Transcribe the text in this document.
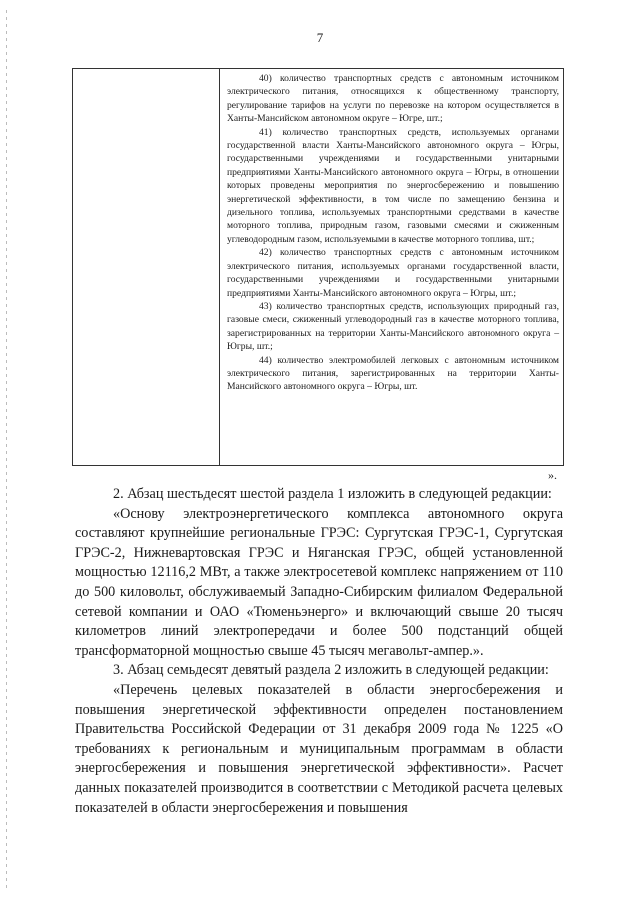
7

40) количество транспортных средств с автономным источником электрического питания, относящихся к общественному транспорту, регулирование тарифов на услуги по перевозке на котором осуществляется в Ханты-Мансийском автономном округе – Югре, шт.;

41) количество транспортных средств, используемых органами государственной власти Ханты-Мансийского автономного округа – Югры, государственными учреждениями и государственными унитарными предприятиями Ханты-Мансийского автономного округа – Югры, в отношении которых проведены мероприятия по энергосбережению и повышению энергетической эффективности, в том числе по замещению бензина и дизельного топлива, используемых транспортными средствами в качестве моторного топлива, природным газом, газовыми смесями и сжиженным углеводородным газом, используемыми в качестве моторного топлива, шт.;

42) количество транспортных средств с автономным источником электрического питания, используемых органами государственной власти, государственными учреждениями и государственными унитарными предприятиями Ханты-Мансийского автономного округа – Югры, шт.;

43) количество транспортных средств, использующих природный газ, газовые смеси, сжиженный углеводородный газ в качестве моторного топлива, зарегистрированных на территории Ханты-Мансийского автономного округа – Югры, шт.;

44) количество электромобилей легковых с автономным источником электрического питания, зарегистрированных на территории Ханты-Мансийского автономного округа – Югры, шт.

».

2. Абзац шестьдесят шестой раздела 1 изложить в следующей редакции:

«Основу электроэнергетического комплекса автономного округа составляют крупнейшие региональные ГРЭС: Сургутская ГРЭС-1, Сургутская ГРЭС-2, Нижневартовская ГРЭС и Няганская ГРЭС, общей установленной мощностью 12116,2 МВт, а также электросетевой комплекс напряжением от 110 до 500 киловольт, обслуживаемый Западно-Сибирским филиалом Федеральной сетевой компании и ОАО «Тюменьэнерго» и включающий свыше 20 тысяч километров линий электропередачи и более 500 подстанций общей трансформаторной мощностью свыше 45 тысяч мегавольт-ампер.».

3. Абзац семьдесят девятый раздела 2 изложить в следующей редакции:

«Перечень целевых показателей в области энергосбережения и повышения энергетической эффективности определен постановлением Правительства Российской Федерации от 31 декабря 2009 года № 1225 «О требованиях к региональным и муниципальным программам в области энергосбережения и повышения энергетической эффективности». Расчет данных показателей производится в соответствии с Методикой расчета целевых показателей в области энергосбережения и повышения
